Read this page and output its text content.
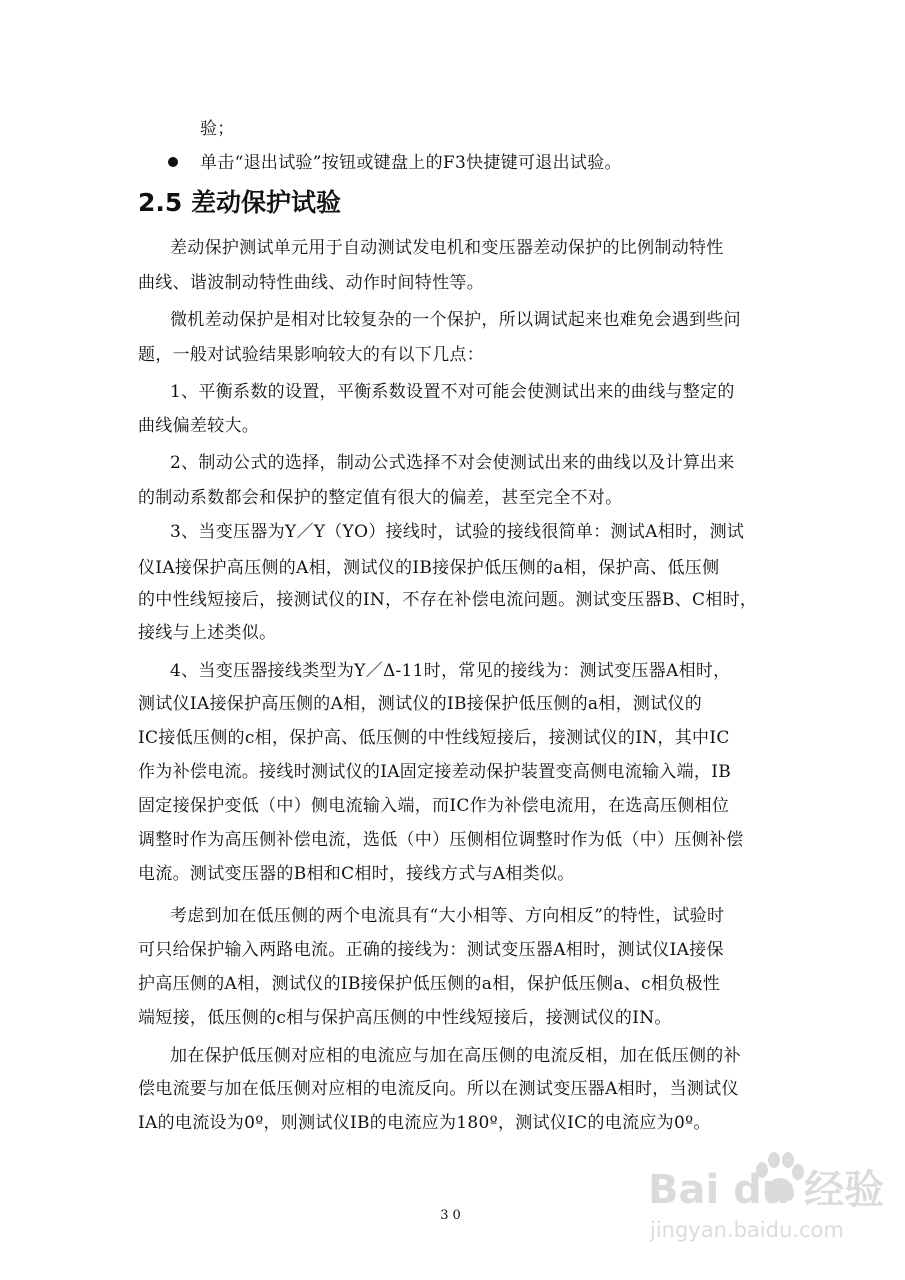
验；
单击“退出试验”按钮或键盘上的F3快捷键可退出试验。
2.5 差动保护试验
差动保护测试单元用于自动测试发电机和变压器差动保护的比例制动特性
曲线、谐波制动特性曲线、动作时间特性等。
微机差动保护是相对比较复杂的一个保护，所以调试起来也难免会遇到些问
题，一般对试验结果影响较大的有以下几点：
1、平衡系数的设置，平衡系数设置不对可能会使测试出来的曲线与整定的
曲线偏差较大。
2、制动公式的选择，制动公式选择不对会使测试出来的曲线以及计算出来
的制动系数都会和保护的整定值有很大的偏差，甚至完全不对。
3、当变压器为Y／Y（YO）接线时，试验的接线很简单：测试A相时，测试
仪IA接保护高压侧的A相，测试仪的IB接保护低压侧的a相，保护高、低压侧
的中性线短接后，接测试仪的IN，不存在补偿电流问题。测试变压器B、C相时，
接线与上述类似。
4、当变压器接线类型为Y／Δ-11时，常见的接线为：测试变压器A相时，
测试仪IA接保护高压侧的A相，测试仪的IB接保护低压侧的a相，测试仪的
IC接低压侧的c相，保护高、低压侧的中性线短接后，接测试仪的IN，其中IC
作为补偿电流。接线时测试仪的IA固定接差动保护装置变高侧电流输入端，IB
固定接保护变低（中）侧电流输入端，而IC作为补偿电流用，在选高压侧相位
调整时作为高压侧补偿电流，选低（中）压侧相位调整时作为低（中）压侧补偿
电流。测试变压器的B相和C相时，接线方式与A相类似。
考虑到加在低压侧的两个电流具有“大小相等、方向相反”的特性，试验时
可只给保护输入两路电流。正确的接线为：测试变压器A相时，测试仪IA接保
护高压侧的A相，测试仪的IB接保护低压侧的a相，保护低压侧a、c相负极性
端短接，低压侧的c相与保护高压侧的中性线短接后，接测试仪的IN。
加在保护低压侧对应相的电流应与加在高压侧的电流反相，加在低压侧的补
偿电流要与加在低压侧对应相的电流反向。所以在测试变压器A相时，当测试仪
IA的电流设为0º，则测试仪IB的电流应为180º，测试仪IC的电流应为0º。
30
Bai du 经验
jingyan.baidu.com
